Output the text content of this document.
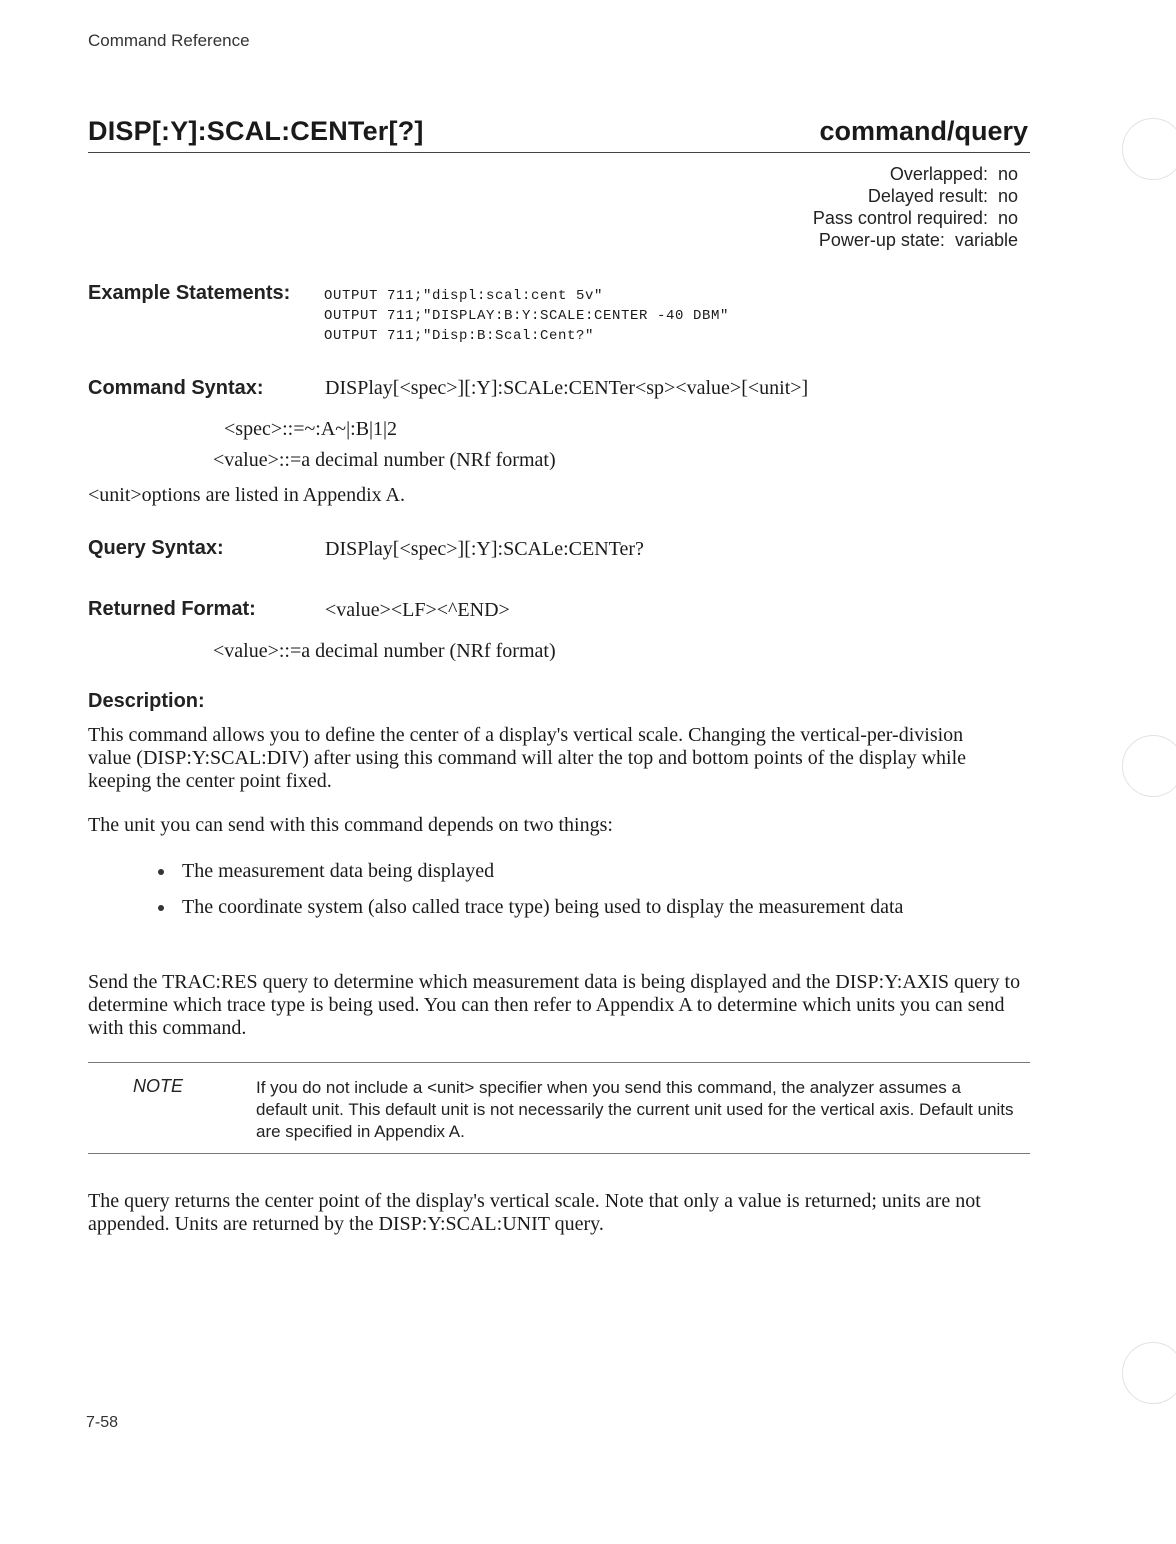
Command Reference
DISP[:Y]:SCAL:CENTer[?]	command/query
Overlapped: no
Delayed result: no
Pass control required: no
Power-up state: variable
Example Statements: OUTPUT 711;"displ:scal:cent 5v"
OUTPUT 711;"DISPLAY:B:Y:SCALE:CENTER -40 DBM"
OUTPUT 711;"Disp:B:Scal:Cent?"
Command Syntax:	DISPlay[<spec>][:Y]:SCALe:CENTer<sp><value>[<unit>]
<spec>::=~:A~|:B|1|2
<value>::=a decimal number (NRf format)
<unit>options are listed in Appendix A.
Query Syntax:	DISPlay[<spec>][:Y]:SCALe:CENTer?
Returned Format:	<value><LF><^END>
<value>::=a decimal number (NRf format)
Description:
This command allows you to define the center of a display's vertical scale. Changing the vertical-per-division value (DISP:Y:SCAL:DIV) after using this command will alter the top and bottom points of the display while keeping the center point fixed.
The unit you can send with this command depends on two things:
The measurement data being displayed
The coordinate system (also called trace type) being used to display the measurement data
Send the TRAC:RES query to determine which measurement data is being displayed and the DISP:Y:AXIS query to determine which trace type is being used. You can then refer to Appendix A to determine which units you can send with this command.
NOTE	If you do not include a <unit> specifier when you send this command, the analyzer assumes a default unit. This default unit is not necessarily the current unit used for the vertical axis. Default units are specified in Appendix A.
The query returns the center point of the display's vertical scale. Note that only a value is returned; units are not appended. Units are returned by the DISP:Y:SCAL:UNIT query.
7-58
